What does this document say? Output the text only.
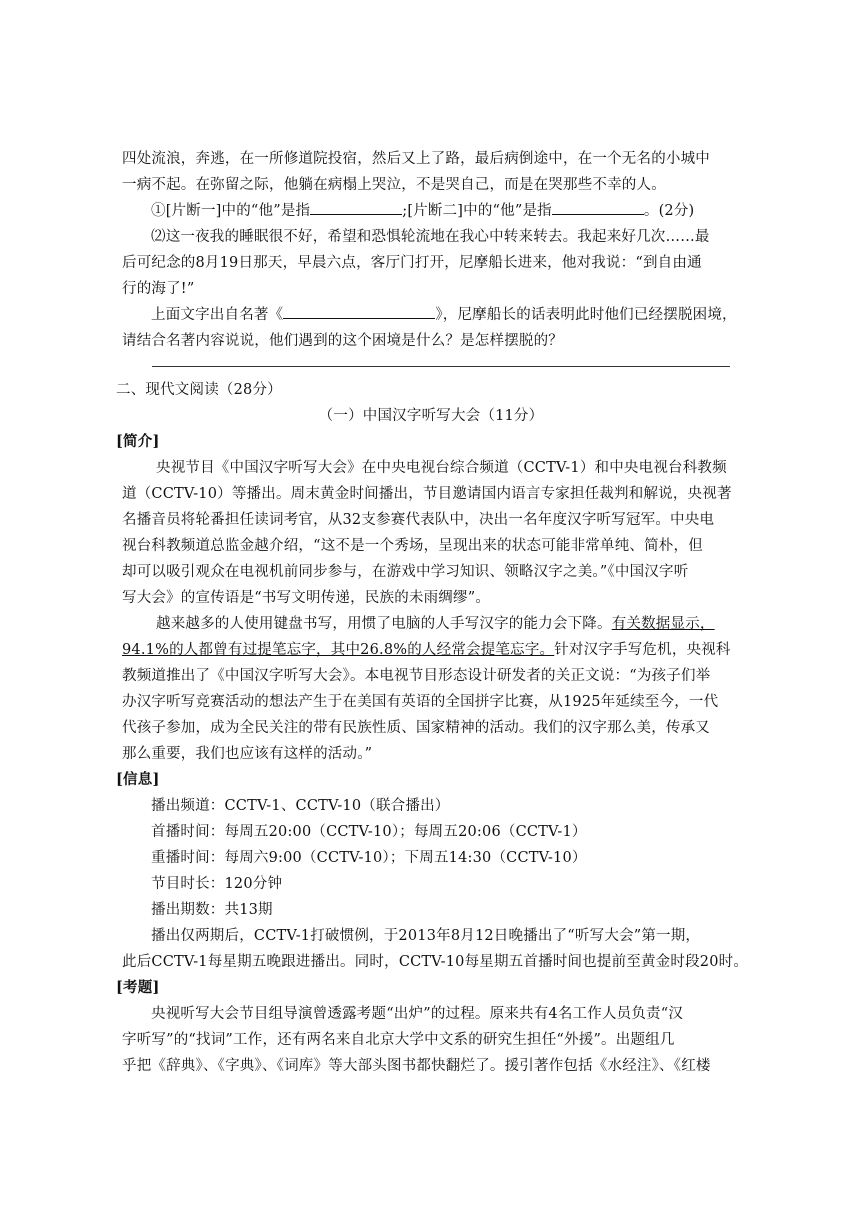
四处流浪，奔逃，在一所修道院投宿，然后又上了路，最后病倒途中，在一个无名的小城中
一病不起。在弥留之际，他躺在病榻上哭泣，不是哭自己，而是在哭那些不幸的人。
①[片断一]中的“他”是指	;[片断二]中的“他”是指	。(2分)
⑵这一夜我的睡眠很不好，希望和恐惧轮流地在我心中转来转去。我起来好几次……最
后可纪念的8月19日那天，早晨六点，客厅门打开，尼摩船长进来，他对我说：“到自由通
行的海了!”
上面文字出自名著《	》，尼摩船长的话表明此时他们已经摆脱困境，
请结合名著内容说说，他们遇到的这个困境是什么？是怎样摆脱的？
二、现代文阅读（28分）
（一）中国汉字听写大会（11分）
[简介]
央视节目《中国汉字听写大会》在中央电视台综合频道（CCTV-1）和中央电视台科教频
道（CCTV-10）等播出。周末黄金时间播出，节目邀请国内语言专家担任裁判和解说，央视著
名播音员将轮番担任读词考官，从32支参赛代表队中，决出一名年度汉字听写冠军。中央电
视台科教频道总监金越介绍，“这不是一个秀场，呈现出来的状态可能非常单纯、简朴，但
却可以吸引观众在电视机前同步参与，在游戏中学习知识、领略汉字之美。”《中国汉字听
写大会》的宣传语是“书写文明传递，民族的未雨绸缪”。
越来越多的人使用键盘书写，用惯了电脑的人手写汉字的能力会下降。有关数据显示，
94.1%的人都曾有过提笔忘字，其中26.8%的人经常会提笔忘字。针对汉字手写危机，央视科
教频道推出了《中国汉字听写大会》。本电视节目形态设计研发者的关正文说：“为孩子们举
办汉字听写竞赛活动的想法产生于在美国有英语的全国拼字比赛，从1925年延续至今，一代
代孩子参加，成为全民关注的带有民族性质、国家精神的活动。我们的汉字那么美，传承又
那么重要，我们也应该有这样的活动。”
[信息]
播出频道：CCTV-1、CCTV-10（联合播出）
首播时间：每周五20:00（CCTV-10）；每周五20:06（CCTV-1）
重播时间：每周六9:00（CCTV-10）；下周五14:30（CCTV-10）
节目时长：120分钟
播出期数：共13期
播出仅两期后，CCTV-1打破惯例，于2013年8月12日晚播出了“听写大会”第一期，
此后CCTV-1每星期五晚跟进播出。同时，CCTV-10每星期五首播时间也提前至黄金时段20时。
[考题]
央视听写大会节目组导演曾透露考题“出炉”的过程。原来共有4名工作人员负责“汉
字听写”的“找词”工作，还有两名来自北京大学中文系的研究生担任“外援”。出题组几
乎把《辞典》、《字典》、《词库》等大部头图书都快翻烂了。援引著作包括《水经注》、《红楼
